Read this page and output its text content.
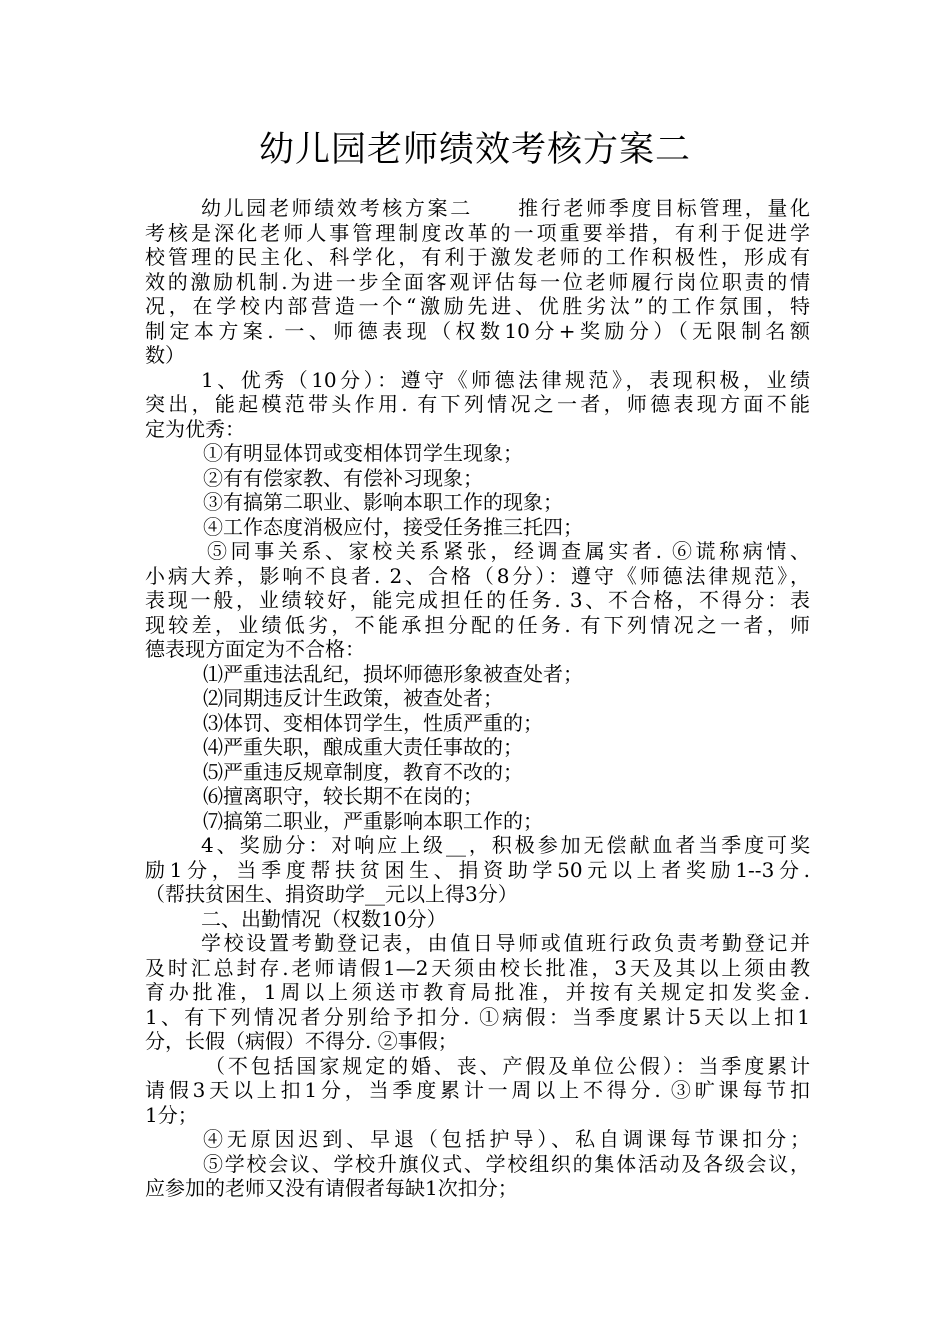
幼儿园老师绩效考核方案二
幼儿园老师绩效考核方案二　　推行老师季度目标管理，量化
考核是深化老师人事管理制度改革的一项重要举措，有利于促进学
校管理的民主化、科学化，有利于激发老师的工作积极性，形成有
效的激励机制.为进一步全面客观评估每一位老师履行岗位职责的情
况，在学校内部营造一个“激励先进、优胜劣汰”的工作氛围，特
制定本方案. 一、师德表现（权数10分+奖励分）（无限制名额
数）
1、优秀（10分）：遵守《师德法律规范》，表现积极，业绩
突出，能起模范带头作用. 有下列情况之一者，师德表现方面不能
定为优秀：
①有明显体罚或变相体罚学生现象；
②有有偿家教、有偿补习现象；
③有搞第二职业、影响本职工作的现象；
④工作态度消极应付，接受任务推三托四；
⑤同事关系、家校关系紧张，经调查属实者. ⑥谎称病情、
小病大养，影响不良者. 2、合格（8分）：遵守《师德法律规范》，
表现一般，业绩较好，能完成担任的任务. 3、不合格，不得分：表
现较差，业绩低劣，不能承担分配的任务. 有下列情况之一者，师
德表现方面定为不合格：
⑴严重违法乱纪，损坏师德形象被查处者；
⑵同期违反计生政策，被查处者；
⑶体罚、变相体罚学生，性质严重的；
⑷严重失职，酿成重大责任事故的；
⑸严重违反规章制度，教育不改的；
⑹擅离职守，较长期不在岗的；
⑺搞第二职业，严重影响本职工作的；
4、奖励分：对响应上级__，积极参加无偿献血者当季度可奖
励1分，当季度帮扶贫困生、捐资助学50元以上者奖励1--3分.
（帮扶贫困生、捐资助学__元以上得3分）
二、出勤情况（权数10分）
学校设置考勤登记表，由值日导师或值班行政负责考勤登记并
及时汇总封存.老师请假1—2天须由校长批准，3天及其以上须由教
育办批准，1周以上须送市教育局批准，并按有关规定扣发奖金.
1、有下列情况者分别给予扣分. ①病假：当季度累计5天以上扣1
分，长假（病假）不得分. ②事假；
（不包括国家规定的婚、丧、产假及单位公假）：当季度累计
请假3天以上扣1分，当季度累计一周以上不得分. ③旷课每节扣
1分；
④无原因迟到、早退（包括护导）、私自调课每节课扣分；
⑤学校会议、学校升旗仪式、学校组织的集体活动及各级会议，
应参加的老师又没有请假者每缺1次扣分；
